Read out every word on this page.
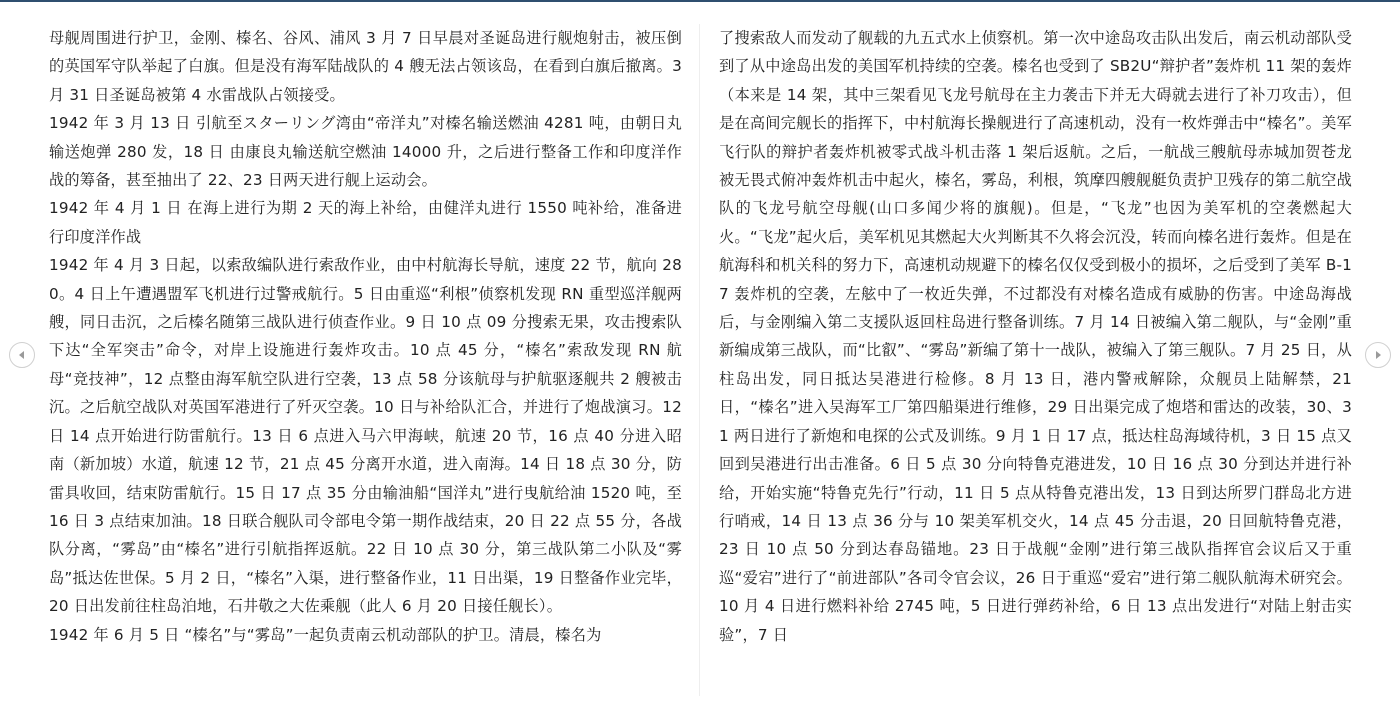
母舰周围进行护卫，金刚、榛名、谷风、浦风 3 月 7 日早晨对圣诞岛进行舰炮射击，被压倒的英国军守队举起了白旗。但是没有海军陆战队的 4 艘无法占领该岛，在看到白旗后撤离。3 月 31 日圣诞岛被第 4 水雷战队占领接受。

1942 年 3 月 13 日 引航至スターリング湾由“帝洋丸”对榛名输送燃油 4281 吨，由朝日丸输送炮弹 280 发，18 日 由康良丸输送航空燃油 14000 升，之后进行整备工作和印度洋作战的筹备，甚至抽出了 22、23 日两天进行舰上运动会。

1942 年 4 月 1 日 在海上进行为期 2 天的海上补给，由健洋丸进行 1550 吨补给，准备进行印度洋作战

1942 年 4 月 3 日起，以索敌编队进行索敌作业，由中村航海长导航，速度 22 节，航向 280。4 日上午遭遇盟军飞机进行过警戒航行。5 日由重巡“利根”侦察机发现 RN 重型巡洋舰两艘，同日击沉，之后榛名随第三战队进行侦查作业。9 日 10 点 09 分搜索无果，攻击搜索队下达“全军突击”命令，对岸上设施进行轰炸攻击。10 点 45 分，“榛名”索敌发现 RN 航母“竞技神”，12 点整由海军航空队进行空袭，13 点 58 分该航母与护航驱逐舰共 2 艘被击沉。之后航空战队对英国军港进行了歼灭空袭。10 日与补给队汇合，并进行了炮战演习。12 日 14 点开始进行防雷航行。13 日 6 点进入马六甲海峡，航速 20 节，16 点 40 分进入昭南（新加坡）水道，航速 12 节，21 点 45 分离开水道，进入南海。14 日 18 点 30 分，防雷具收回，结束防雷航行。15 日 17 点 35 分由输油船“国洋丸”进行曳航给油 1520 吨，至 16 日 3 点结束加油。18 日联合舰队司令部电令第一期作战结束，20 日 22 点 55 分，各战队分离，“雾岛”由“榛名”进行引航指挥返航。22 日 10 点 30 分，第三战队第二小队及“雾岛”抵达佐世保。5 月 2 日，“榛名”入渠，进行整备作业，11 日出渠，19 日整备作业完毕，20 日出发前往柱岛泊地，石井敬之大佐乘舰（此人 6 月 20 日接任舰长）。

1942 年 6 月 5 日 “榛名”与“雾岛”一起负责南云机动部队的护卫。清晨，榛名为

了搜索敌人而发动了舰载的九五式水上侦察机。第一次中途岛攻击队出发后，南云机动部队受到了从中途岛出发的美国军机持续的空袭。榛名也受到了 SB2U“辩护者”轰炸机 11 架的轰炸（本来是 14 架，其中三架看见飞龙号航母在主力袭击下并无大碍就去进行了补刀攻击），但是在高间完舰长的指挥下，中村航海长操舰进行了高速机动，没有一枚炸弹击中“榛名”。美军飞行队的辩护者轰炸机被零式战斗机击落 1 架后返航。之后，一航战三艘航母赤城加贺苍龙被无畏式俯冲轰炸机击中起火，榛名，雾岛，利根，筑摩四艘舰艇负责护卫残存的第二航空战队的飞龙号航空母舰(山口多闻少将的旗舰)。但是，“飞龙”也因为美军机的空袭燃起大火。“飞龙”起火后，美军机见其燃起大火判断其不久将会沉没，转而向榛名进行轰炸。但是在航海科和机关科的努力下，高速机动规避下的榛名仅仅受到极小的损坏，之后受到了美军 B-17 轰炸机的空袭，左舷中了一枚近失弹，不过都没有对榛名造成有威胁的伤害。中途岛海战后，与金刚编入第二支援队返回柱岛进行整备训练。7 月 14 日被编入第二舰队，与“金刚”重新编成第三战队，而“比叡”、“雾岛”新编了第十一战队，被编入了第三舰队。7 月 25 日，从柱岛出发，同日抵达吴港进行检修。8 月 13 日，港内警戒解除，众舰员上陆解禁，21 日，“榛名”进入吴海军工厂第四船渠进行维修，29 日出渠完成了炮塔和雷达的改装，30、31 两日进行了新炮和电探的公式及训练。9 月 1 日 17 点，抵达柱岛海域待机，3 日 15 点又回到吴港进行出击准备。6 日 5 点 30 分向特鲁克港进发，10 日 16 点 30 分到达并进行补给，开始实施“特鲁克先行”行动，11 日 5 点从特鲁克港出发，13 日到达所罗门群岛北方进行哨戒，14 日 13 点 36 分与 10 架美军机交火，14 点 45 分击退，20 日回航特鲁克港，23 日 10 点 50 分到达春岛锚地。23 日于战舰“金刚”进行第三战队指挥官会议后又于重巡“爱宕”进行了“前进部队”各司令官会议，26 日于重巡“爱宕”进行第二舰队航海术研究会。10 月 4 日进行燃料补给 2745 吨，5 日进行弹药补给，6 日 13 点出发进行“对陆上射击实验”，7 日
